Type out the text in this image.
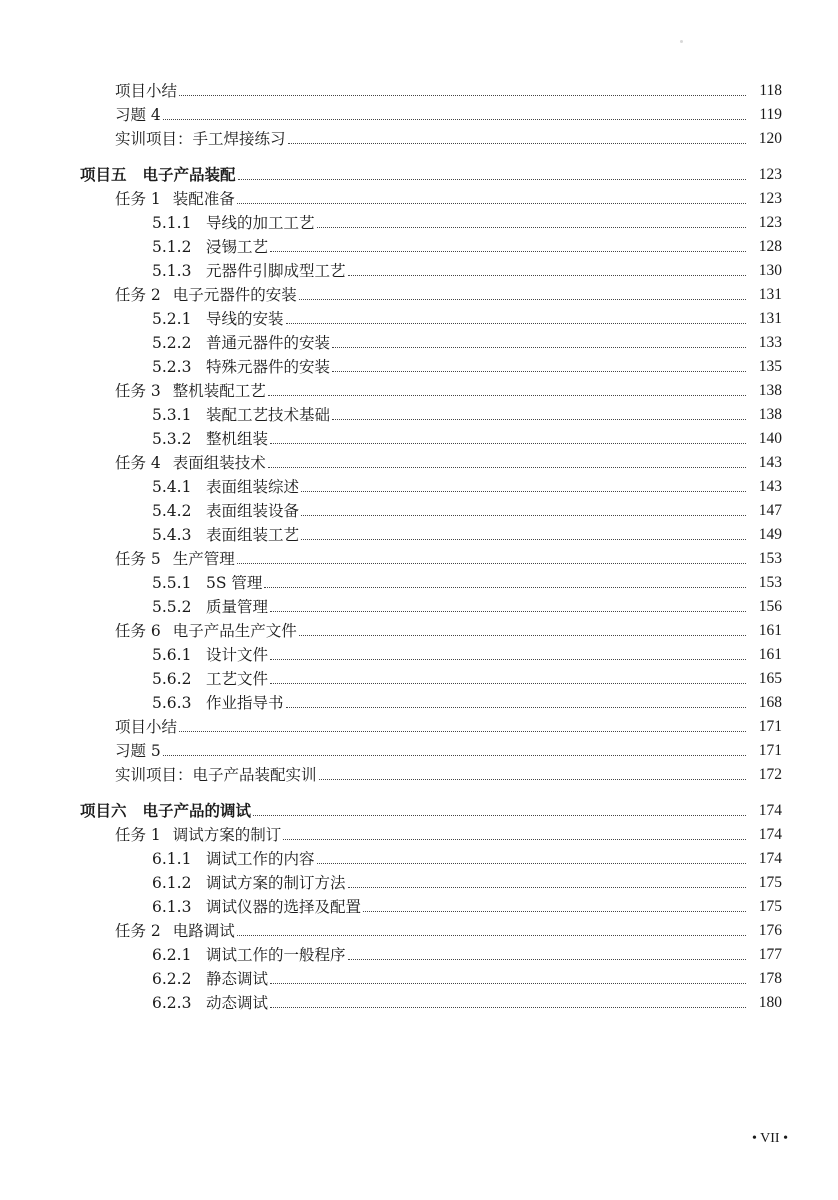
项目小结	118
习题 4	119
实训项目：手工焊接练习	120
项目五 电子产品装配	123
任务 1 装配准备	123
5.1.1 导线的加工工艺	123
5.1.2 浸锡工艺	128
5.1.3 元器件引脚成型工艺	130
任务 2 电子元器件的安装	131
5.2.1 导线的安装	131
5.2.2 普通元器件的安装	133
5.2.3 特殊元器件的安装	135
任务 3 整机装配工艺	138
5.3.1 装配工艺技术基础	138
5.3.2 整机组装	140
任务 4 表面组装技术	143
5.4.1 表面组装综述	143
5.4.2 表面组装设备	147
5.4.3 表面组装工艺	149
任务 5 生产管理	153
5.5.1 5S 管理	153
5.5.2 质量管理	156
任务 6 电子产品生产文件	161
5.6.1 设计文件	161
5.6.2 工艺文件	165
5.6.3 作业指导书	168
项目小结	171
习题 5	171
实训项目：电子产品装配实训	172
项目六 电子产品的调试	174
任务 1 调试方案的制订	174
6.1.1 调试工作的内容	174
6.1.2 调试方案的制订方法	175
6.1.3 调试仪器的选择及配置	175
任务 2 电路调试	176
6.2.1 调试工作的一般程序	177
6.2.2 静态调试	178
6.2.3 动态调试	180
• VII •
